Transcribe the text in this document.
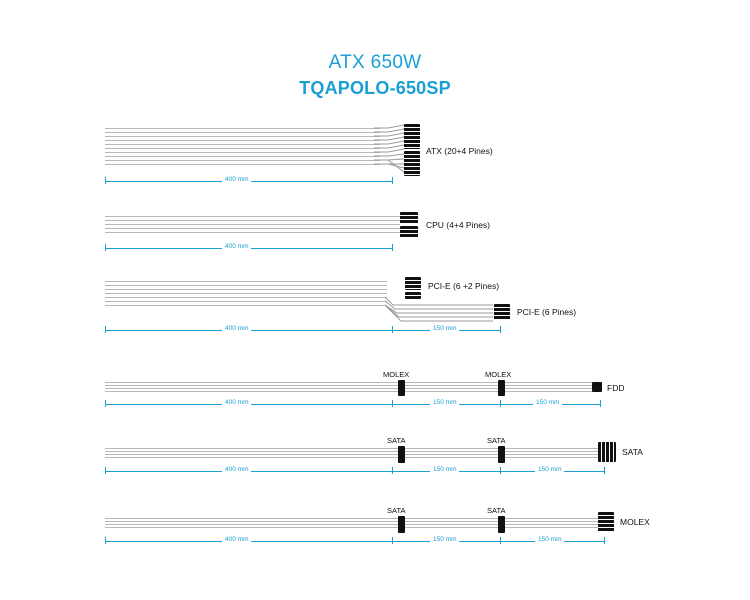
ATX 650W
TQAPOLO-650SP
ATX (20+4 Pines)
400 mm
CPU (4+4 Pines)
400 mm
PCI-E (6 +2 Pines)
PCI-E (6 Pines)
400 mm	150 mm
MOLEX	MOLEX
FDD
400 mm	150 mm	150 mm
SATA	SATA
SATA
400 mm	150 mm	150 mm
SATA	SATA
MOLEX
400 mm	150 mm	150 mm
